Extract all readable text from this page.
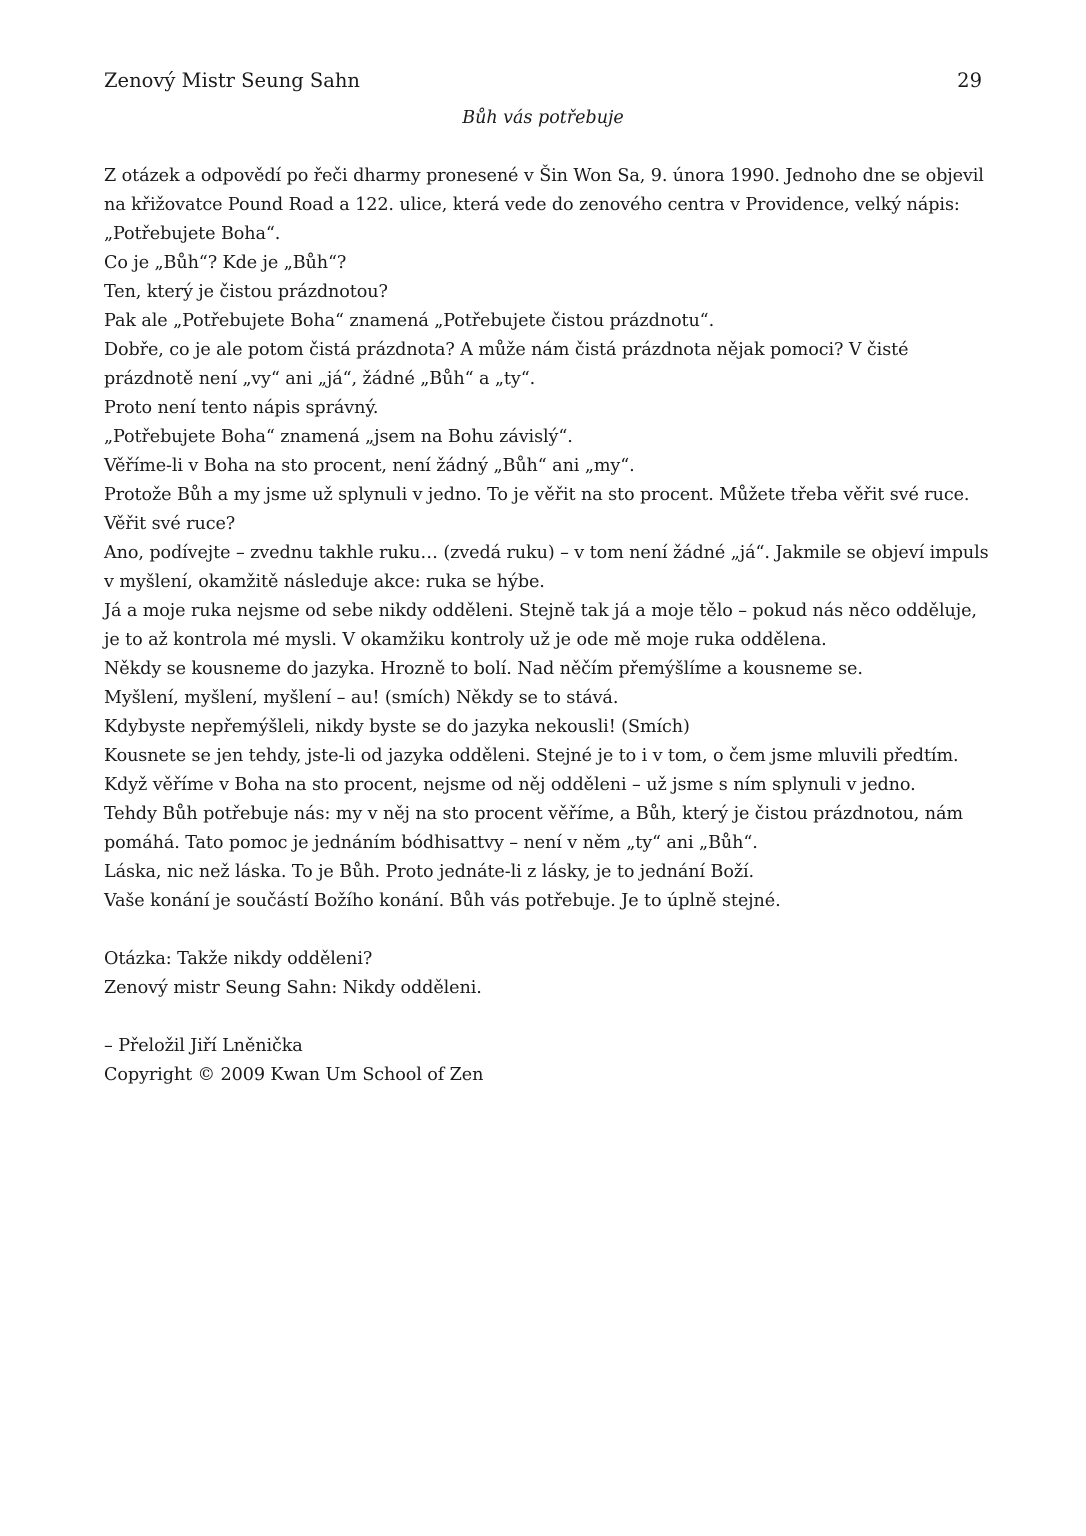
Zenový Mistr Seung Sahn	29
Bůh vás potřebuje

Z otázek a odpovědí po řeči dharmy pronesené v Šin Won Sa, 9. února 1990. Jednoho dne se objevil na křižovatce Pound Road a 122. ulice, která vede do zenového centra v Providence, velký nápis: „Potřebujete Boha“.

Co je „Bůh“? Kde je „Bůh“?

Ten, který je čistou prázdnotou?

Pak ale „Potřebujete Boha“ znamená „Potřebujete čistou prázdnotu“.

Dobře, co je ale potom čistá prázdnota? A může nám čistá prázdnota nějak pomoci? V čisté prázdnotě není „vy“ ani „já“, žádné „Bůh“ a „ty“.

Proto není tento nápis správný.

„Potřebujete Boha“ znamená „jsem na Bohu závislý“.

Věříme-li v Boha na sto procent, není žádný „Bůh“ ani „my“.

Protože Bůh a my jsme už splynuli v jedno. To je věřit na sto procent. Můžete třeba věřit své ruce.

Věřit své ruce?

Ano, podívejte – zvednu takhle ruku… (zvedá ruku) – v tom není žádné „já“. Jakmile se objeví impuls v myšlení, okamžitě následuje akce: ruka se hýbe.

Já a moje ruka nejsme od sebe nikdy odděleni. Stejně tak já a moje tělo – pokud nás něco odděluje, je to až kontrola mé mysli. V okamžiku kontroly už je ode mě moje ruka oddělena.

Někdy se kousneme do jazyka. Hrozně to bolí. Nad něčím přemýšlíme a kousneme se.

Myšlení, myšlení, myšlení – au! (smích) Někdy se to stává.

Kdybyste nepřemýšleli, nikdy byste se do jazyka nekousli! (Smích)

Kousnete se jen tehdy, jste-li od jazyka odděleni. Stejné je to i v tom, o čem jsme mluvili předtím.

Když věříme v Boha na sto procent, nejsme od něj odděleni – už jsme s ním splynuli v jedno.

Tehdy Bůh potřebuje nás: my v něj na sto procent věříme, a Bůh, který je čistou prázdnotou, nám pomáhá. Tato pomoc je jednáním bódhisattvy – není v něm „ty“ ani „Bůh“.

Láska, nic než láska. To je Bůh. Proto jednáte-li z lásky, je to jednání Boží.

Vaše konání je součástí Božího konání. Bůh vás potřebuje. Je to úplně stejné.

Otázka: Takže nikdy odděleni?

Zenový mistr Seung Sahn: Nikdy odděleni.

– Přeložil Jiří Lněnička

Copyright © 2009 Kwan Um School of Zen
